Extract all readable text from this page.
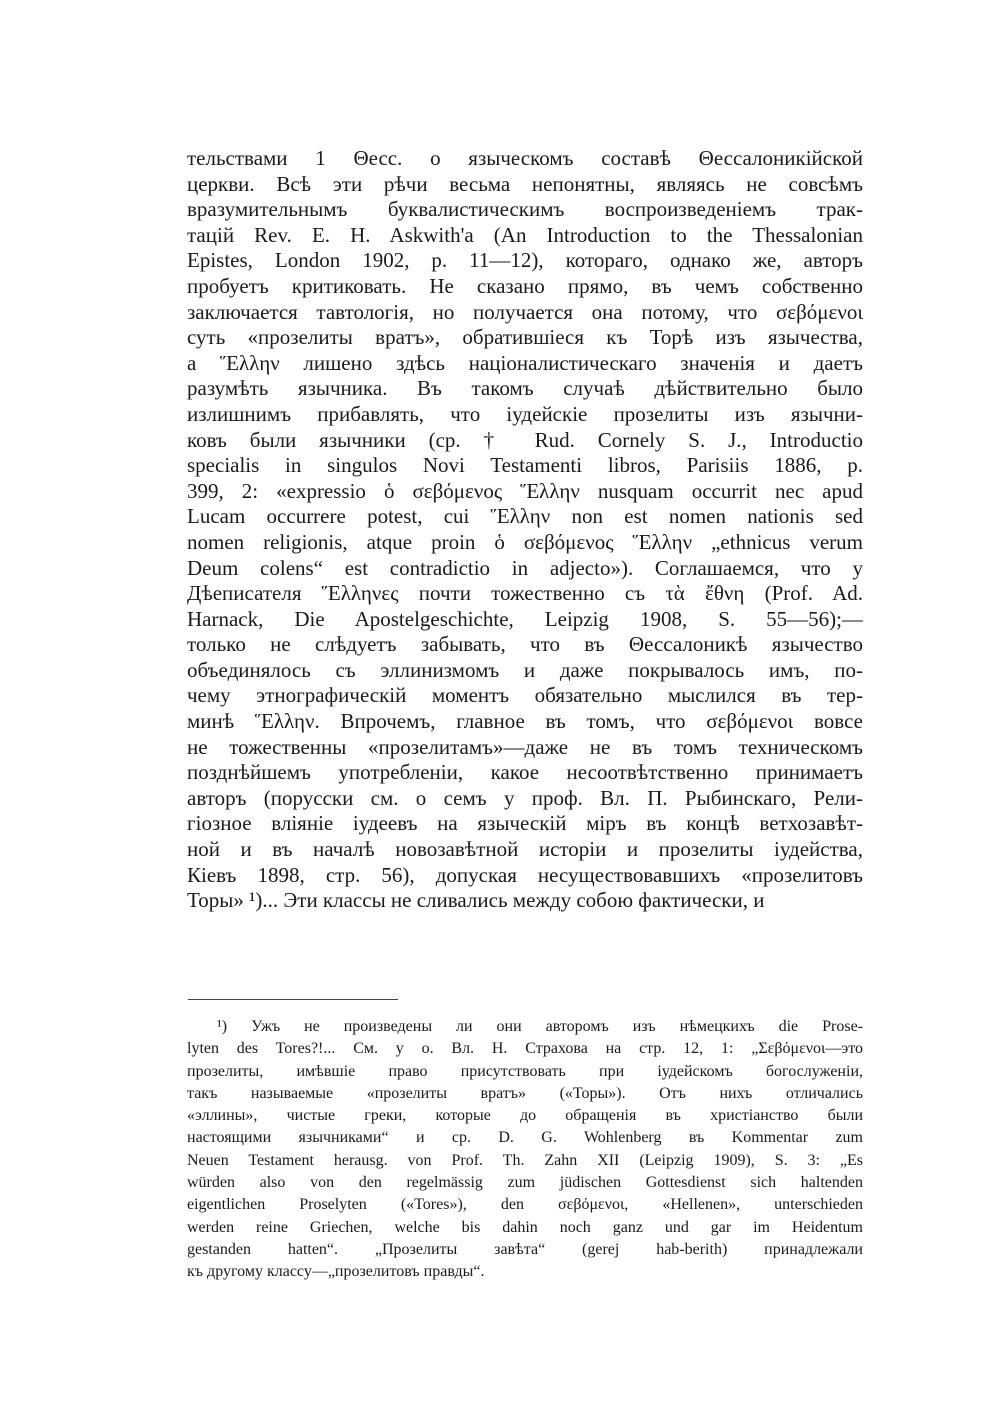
тельствами 1 Θесс. о языческомъ составѣ Θессалоникійской
церкви. Всѣ эти рѣчи весьма непонятны, являясь не совсѣмъ
вразумительнымъ буквалистическимъ воспроизведеніемъ трак-
тацій Rev. E. H. Askwith'a (An Introduction to the Thessalonian
Epistes, London 1902, p. 11—12), котораго, однако же, авторъ
пробуетъ критиковать. Не сказано прямо, въ чемъ собственно
заключается тавтологія, но получается она потому, что σεβόμενοι
суть «прозелиты вратъ», обратившіеся къ Торѣ изъ язычества,
а Ἕλλην лишено здѣсь націоналистическаго значенія и даетъ
разумѣть язычника. Въ такомъ случаѣ дѣйствительно было
излишнимъ прибавлять, что іудейскіе прозелиты изъ язычни-
ковъ были язычники (ср. † Rud. Cornely S. J., Introductio
specialis in singulos Novi Testamenti libros, Parisiis 1886, p.
399, 2: «expressio ὁ σεβόμενος Ἕλλην nusquam occurrit nec apud
Lucam occurrere potest, cui Ἕλλην non est nomen nationis sed
nomen religionis, atque proin ὁ σεβόμενος Ἕλλην „ethnicus verum
Deum colens“ est contradictio in adjecto»). Соглашаемся, что у
Дѣеписателя Ἕλληνες почти тожественно съ τὰ ἔθνη (Prof. Ad.
Harnack, Die Apostelgeschichte, Leipzig 1908, S. 55—56);—
только не слѣдуетъ забывать, что въ Θессалоникѣ язычество
объединялось съ эллинизмомъ и даже покрывалось имъ, по-
чему этнографическій моментъ обязательно мыслился въ тер-
минѣ Ἕλλην. Впрочемъ, главное въ томъ, что σεβόμενοι вовсе
не тожественны «прозелитамъ»—даже не въ томъ техническомъ
позднѣйшемъ употребленіи, какое несоотвѣтственно принимаетъ
авторъ (порусски см. о семъ у проф. Вл. П. Рыбинскаго, Рели-
гіозное вліяніе іудеевъ на языческій міръ въ концѣ ветхозавѣт-
ной и въ началѣ новозавѣтной исторіи и прозелиты іудейства,
Кіевъ 1898, стр. 56), допуская несуществовавшихъ «прозелитовъ
Торы» ¹)... Эти классы не сливались между собою фактически, и
¹) Ужъ не произведены ли они авторомъ изъ нѣмецкихъ die Prose-
lyten des Tores?!... См. у о. Вл. Н. Страхова на стр. 12, 1: „Σεβόμενοι—это
прозелиты, имѣвшіе право присутствовать при іудейскомъ богослуженіи,
такъ называемые «прозелиты вратъ» («Торы»). Отъ нихъ отличались
«эллины», чистые греки, которые до обращенія въ христіанство были
настоящими язычниками“ и ср. D. G. Wohlenberg въ Kommentar zum
Neuen Testament herausg. von Prof. Th. Zahn XII (Leipzig 1909), S. 3: „Es
würden also von den regelmässig zum jüdischen Gottesdienst sich haltenden
eigentlichen Proselyten («Tores»), den σεβόμενοι, «Hellenen», unterschieden
werden reine Griechen, welche bis dahin noch ganz und gar im Heidentum
gestanden hatten“. „Прозелиты завѣта“ (gerej hab-berith) принадлежали
къ другому классу—„прозелитовъ правды“.
